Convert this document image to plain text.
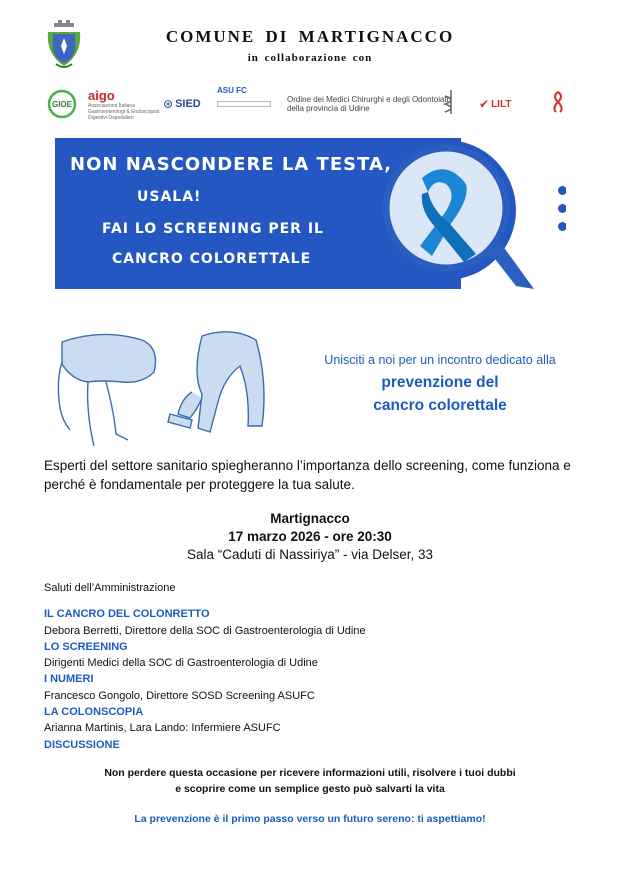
COMUNE DI MARTIGNACCO
in collaborazione con
GIOE
aigo
Associazione Italiana Gastroenterologi & Endoscopisti Digestivi Ospedalieri
⊛ SIED
ASU FC
Ordine dei Medici Chirurghi e degli Odontoiatri
della provincia di Udine	✔ LILT
NON NASCONDERE LA TESTA,
USALA!
FAI LO SCREENING PER IL
CANCRO COLORETTALE
Unisciti a noi per un incontro dedicato alla
prevenzione del
cancro colorettale
Esperti del settore sanitario spiegheranno l’importanza dello screening, come funziona e perché è fondamentale per proteggere la tua salute.
Martignacco
17 marzo 2026 - ore 20:30
Sala “Caduti di Nassiriya” - via Delser, 33
Saluti dell’Amministrazione
IL CANCRO DEL COLONRETTO
Debora Berretti, Direttore della SOC di Gastroenterologia di Udine
LO SCREENING
Dirigenti Medici della SOC di Gastroenterologia di Udine
I NUMERI
Francesco Gongolo, Direttore SOSD Screening ASUFC
LA COLONSCOPIA
Arianna Martinis, Lara Lando: Infermiere ASUFC
DISCUSSIONE
Non perdere questa occasione per ricevere informazioni utili, risolvere i tuoi dubbi
e scoprire come un semplice gesto può salvarti la vita
La prevenzione è il primo passo verso un futuro sereno: ti aspettiamo!
